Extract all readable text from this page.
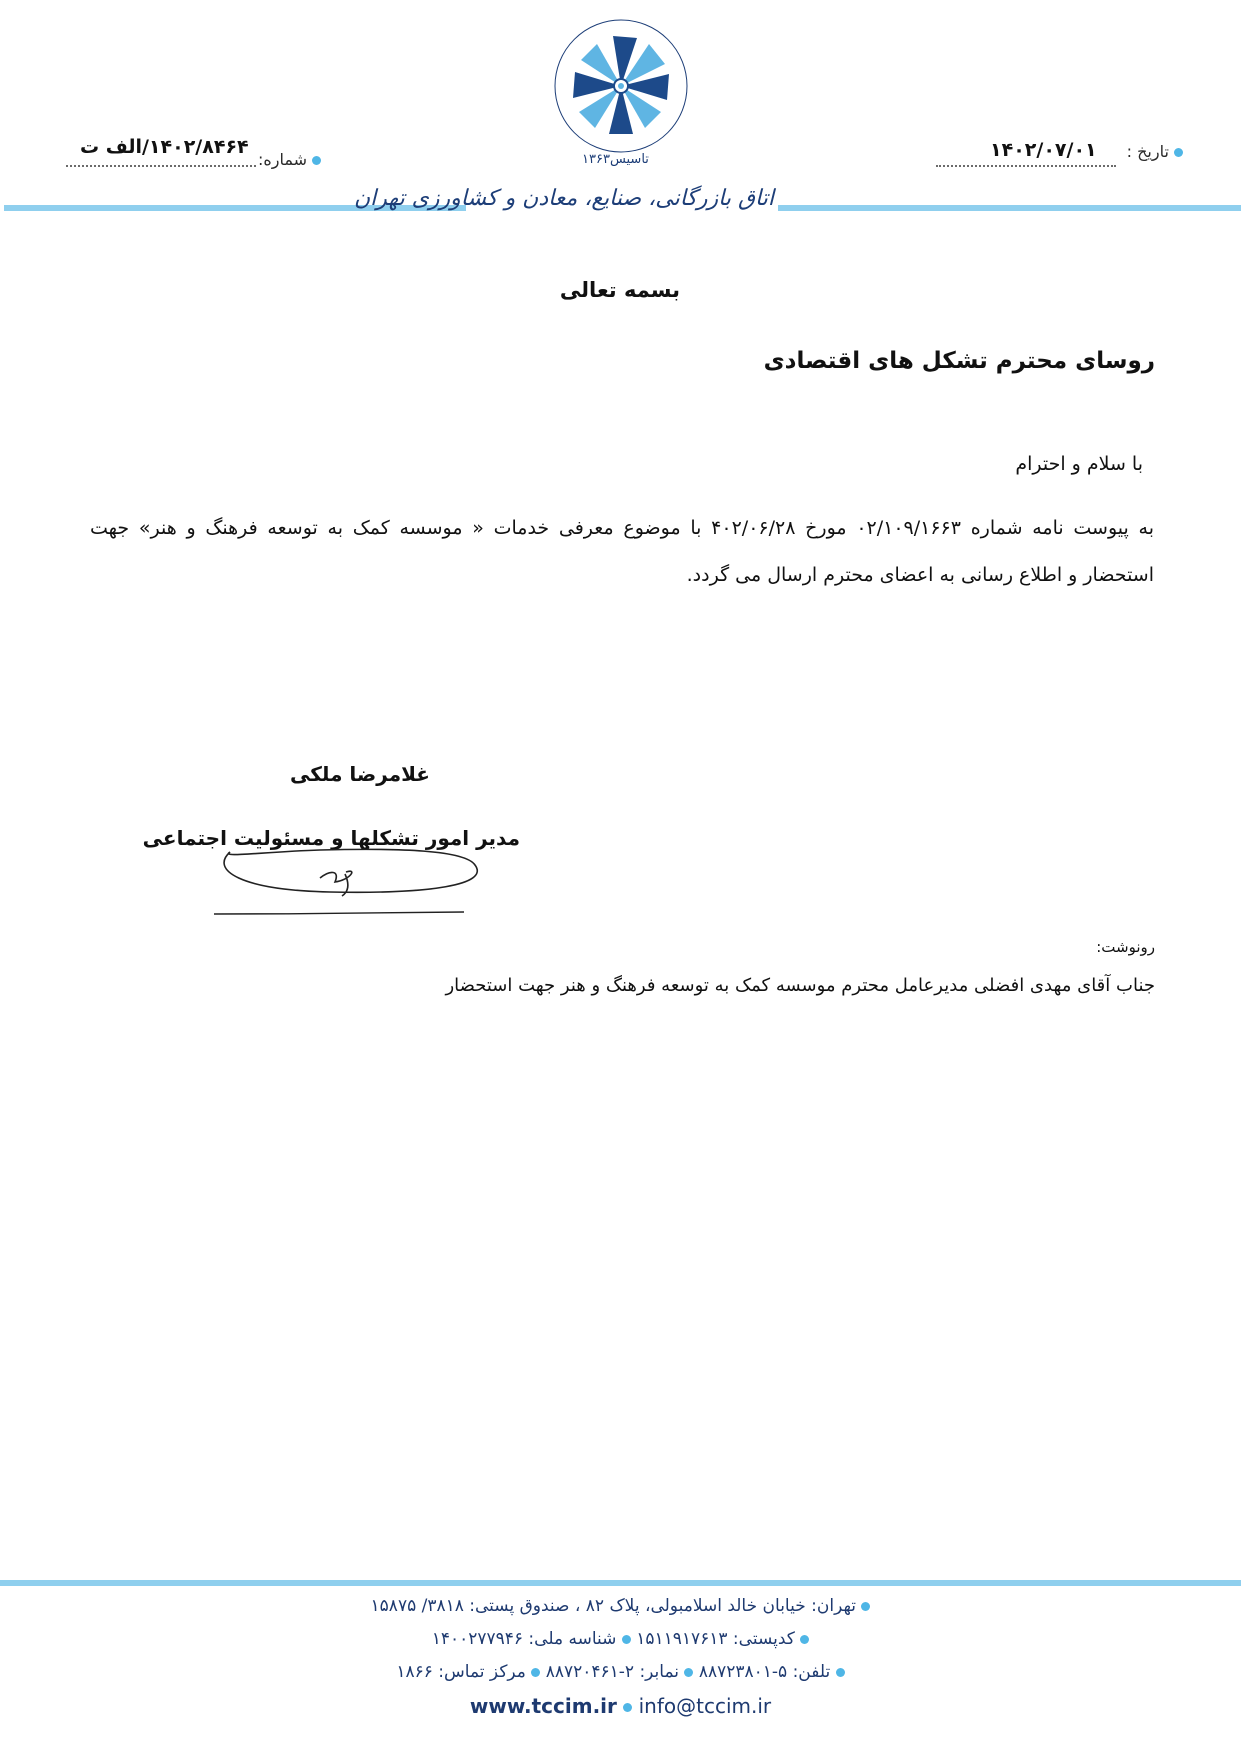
تاریخ :
۱۴۰۲/۰۷/۰۱
شماره:
۱۴۰۲/۸۴۶۴/الف ت
تاسیس۱۳۶۳
اتاق بازرگانی، صنایع، معادن و کشاورزی تهران
بسمه تعالی
روسای محترم تشکل های اقتصادی
با سلام و احترام
به پیوست نامه شماره ۰۲/۱۰۹/۱۶۶۳ مورخ ۴۰۲/۰۶/۲۸ با موضوع معرفی خدمات « موسسه کمک به توسعه فرهنگ و هنر» جهت استحضار و اطلاع رسانی به اعضای محترم ارسال می گردد.
غلامرضا ملکی
مدیر امور تشکلها و مسئولیت اجتماعی
رونوشت:
جناب آقای مهدی افضلی مدیرعامل محترم موسسه کمک به توسعه فرهنگ و هنر جهت استحضار
تهران: خیابان خالد اسلامبولی، پلاک ۸۲ ، صندوق پستی: ۳۸۱۸/ ۱۵۸۷۵
کدپستی: ۱۵۱۱۹۱۷۶۱۳  شناسه ملی: ۱۴۰۰۲۷۷۹۴۶
تلفن: ۵-۸۸۷۲۳۸۰۱  نمابر: ۲-۸۸۷۲۰۴۶۱  مرکز تماس: ۱۸۶۶
www.tccim.ir info@tccim.ir
